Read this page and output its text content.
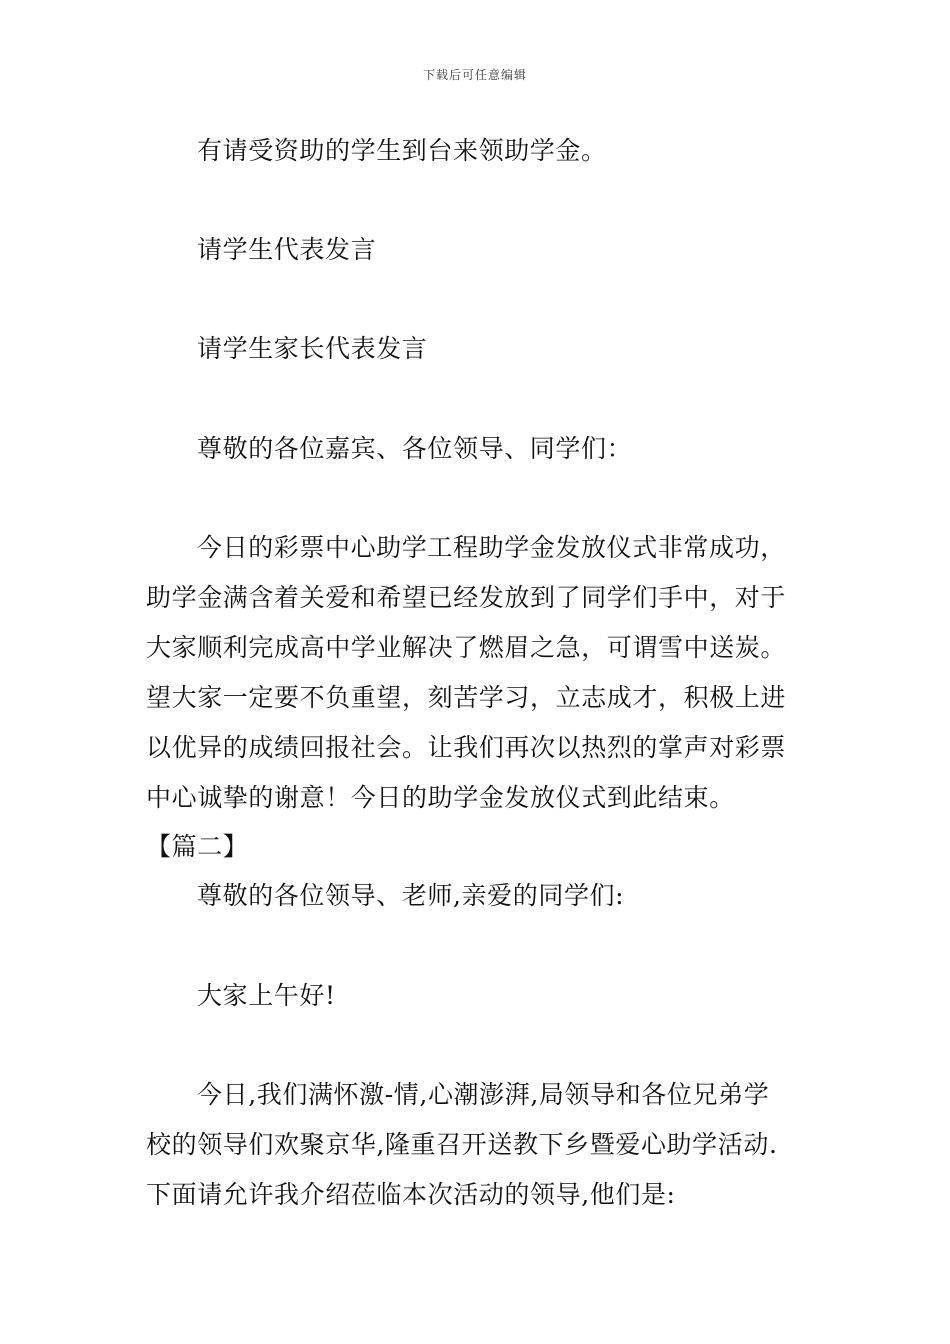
下载后可任意编辑
有请受资助的学生到台来领助学金。
请学生代表发言
请学生家长代表发言
尊敬的各位嘉宾、各位领导、同学们：
今日的彩票中心助学工程助学金发放仪式非常成功，
助学金满含着关爱和希望已经发放到了同学们手中，对于
大家顺利完成高中学业解决了燃眉之急，可谓雪中送炭。
望大家一定要不负重望，刻苦学习，立志成才，积极上进
以优异的成绩回报社会。让我们再次以热烈的掌声对彩票
中心诚挚的谢意！今日的助学金发放仪式到此结束。
【篇二】
尊敬的各位领导、老师,亲爱的同学们:
大家上午好!
今日,我们满怀激-情,心潮澎湃,局领导和各位兄弟学
校的领导们欢聚京华,隆重召开送教下乡暨爱心助学活动.
下面请允许我介绍莅临本次活动的领导,他们是:
